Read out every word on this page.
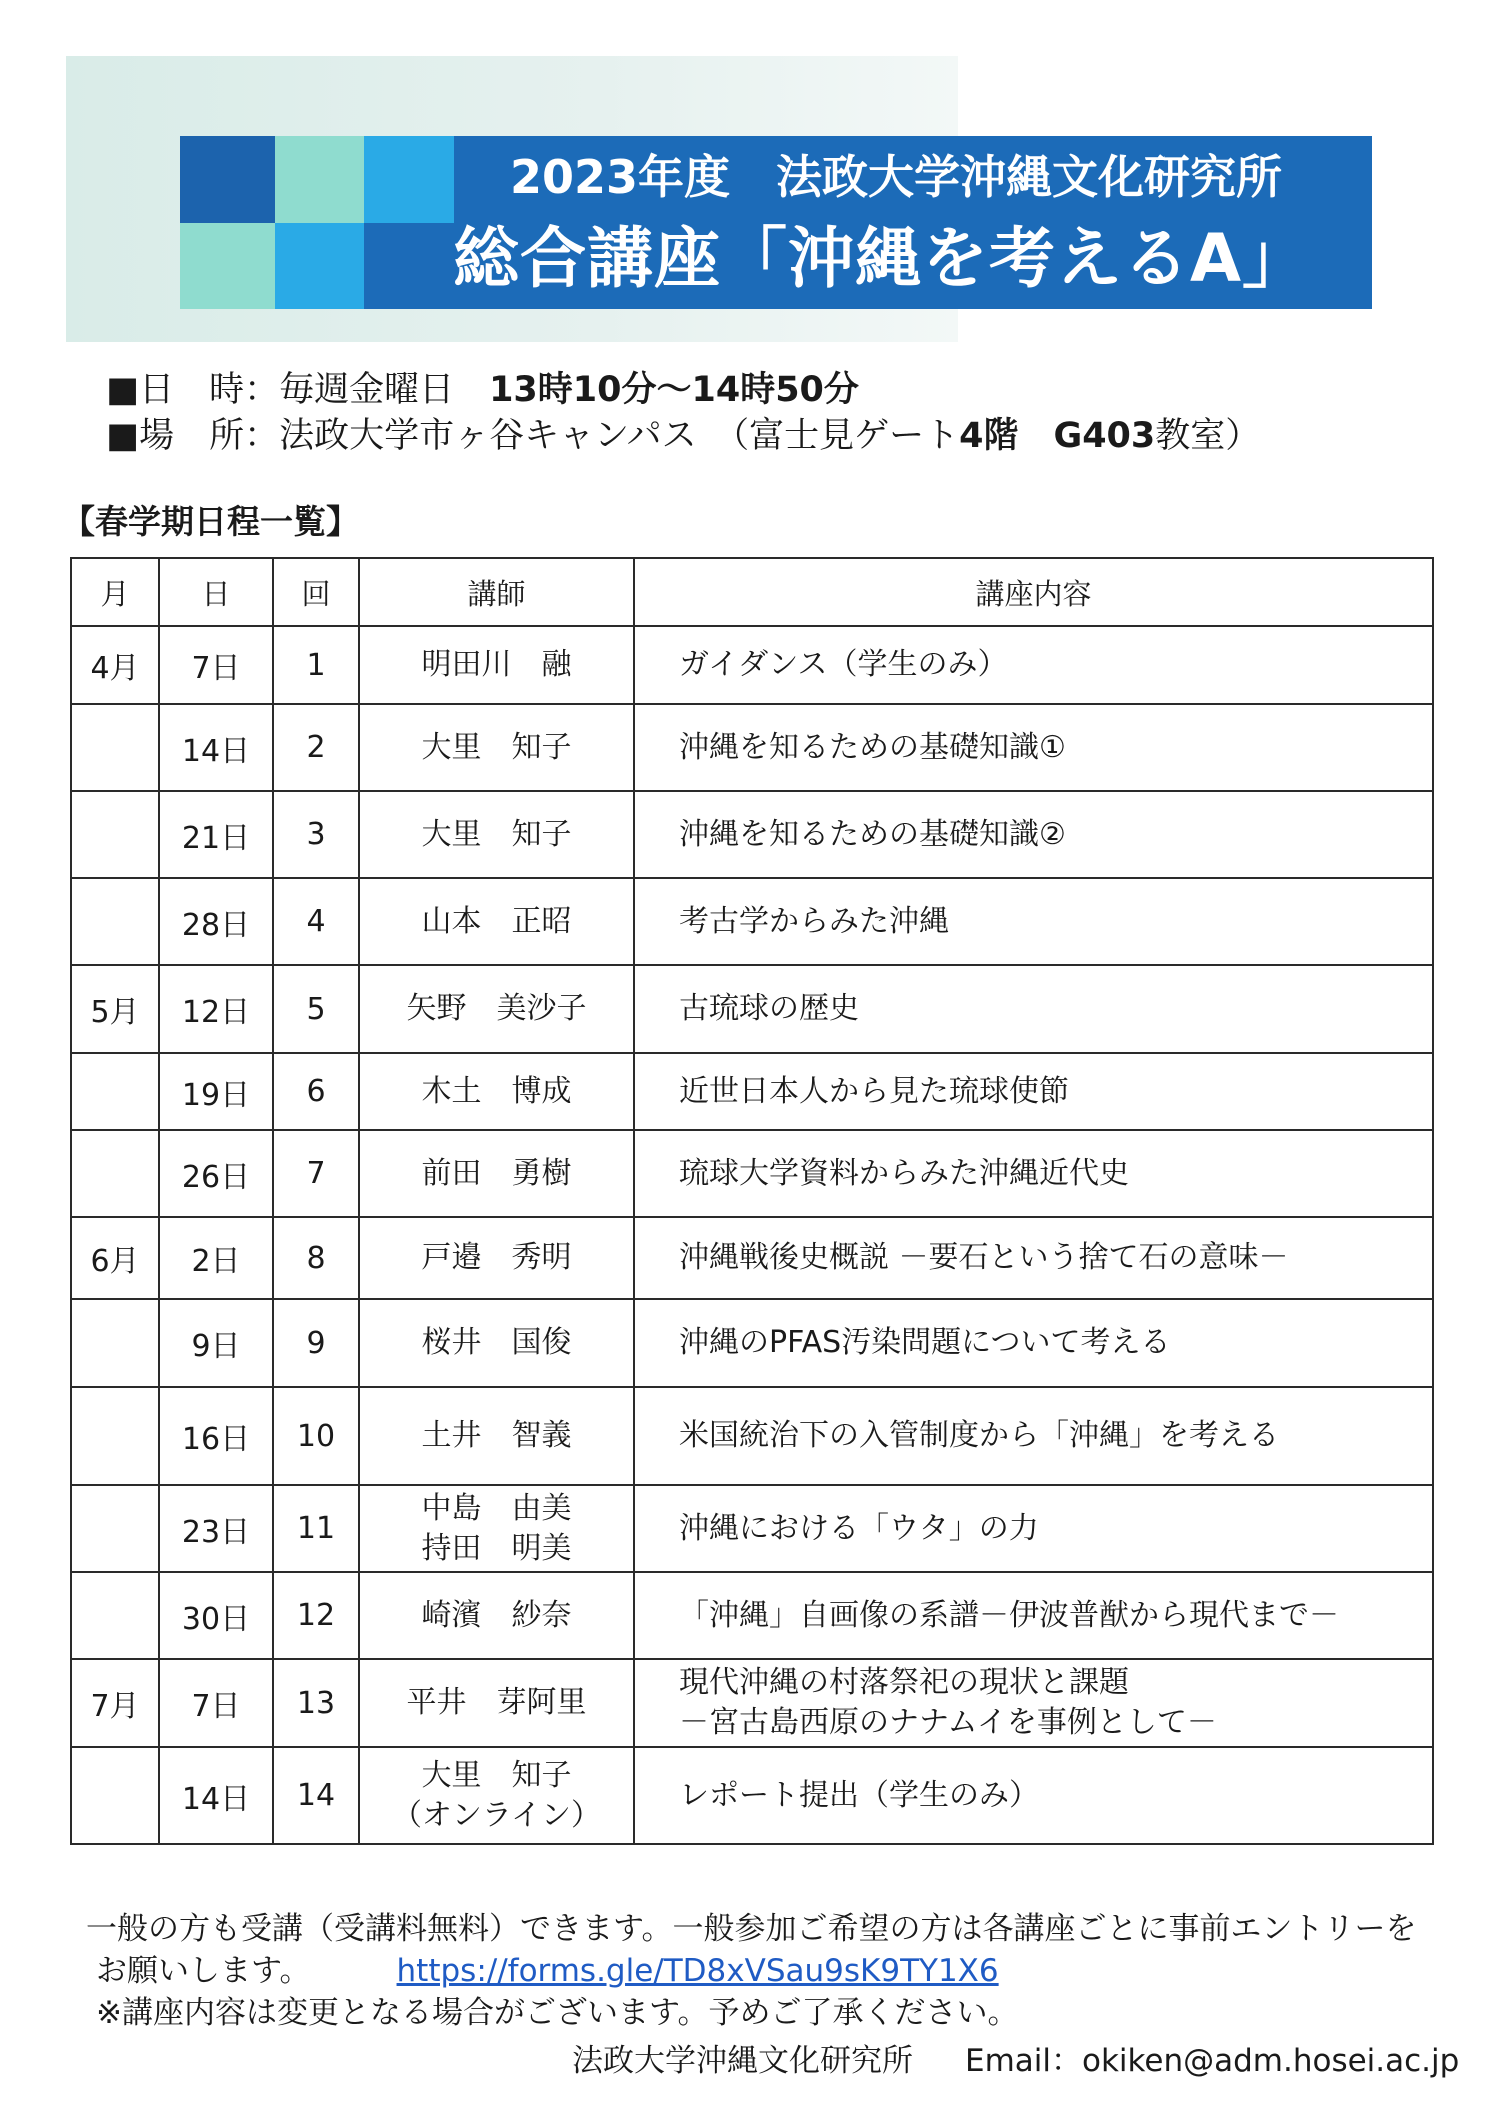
2023年度　法政大学沖縄文化研究所
総合講座「沖縄を考えるA」
■日　時：毎週金曜日　13時10分～14時50分
■場　所：法政大学市ヶ谷キャンパス　（富士見ゲート4階　G403教室）
【春学期日程一覧】
月	日	回	講師	講座内容
4月	7日	1	明田川　融	ガイダンス（学生のみ）

	14日	2	大里　知子	沖縄を知るための基礎知識①

	21日	3	大里　知子	沖縄を知るための基礎知識②

	28日	4	山本　正昭	考古学からみた沖縄

5月	12日	5	矢野　美沙子	古琉球の歴史

	19日	6	木土　博成	近世日本人から見た琉球使節

	26日	7	前田　勇樹	琉球大学資料からみた沖縄近代史

6月	2日	8	戸邉　秀明	沖縄戦後史概説 －要石という捨て石の意味－

	9日	9	桜井　国俊	沖縄のPFAS汚染問題について考える

	16日	10	土井　智義	米国統治下の入管制度から「沖縄」を考える

	23日	11	中島　由美
持田　明美	沖縄における「ウタ」の力

	30日	12	崎濱　紗奈	「沖縄」自画像の系譜－伊波普猷から現代まで－

7月	7日	13	平井　芽阿里	現代沖縄の村落祭祀の現状と課題
－宮古島西原のナナムイを事例として－

	14日	14	大里　知子
（オンライン）	レポート提出（学生のみ）
一般の方も受講（受講料無料）できます。一般参加ご希望の方は各講座ごとに事前エントリーを
お願いします。	https://forms.gle/TD8xVSau9sK9TY1X6
※講座内容は変更となる場合がございます。予めご了承ください。
法政大学沖縄文化研究所 Email：okiken@adm.hosei.ac.jp
